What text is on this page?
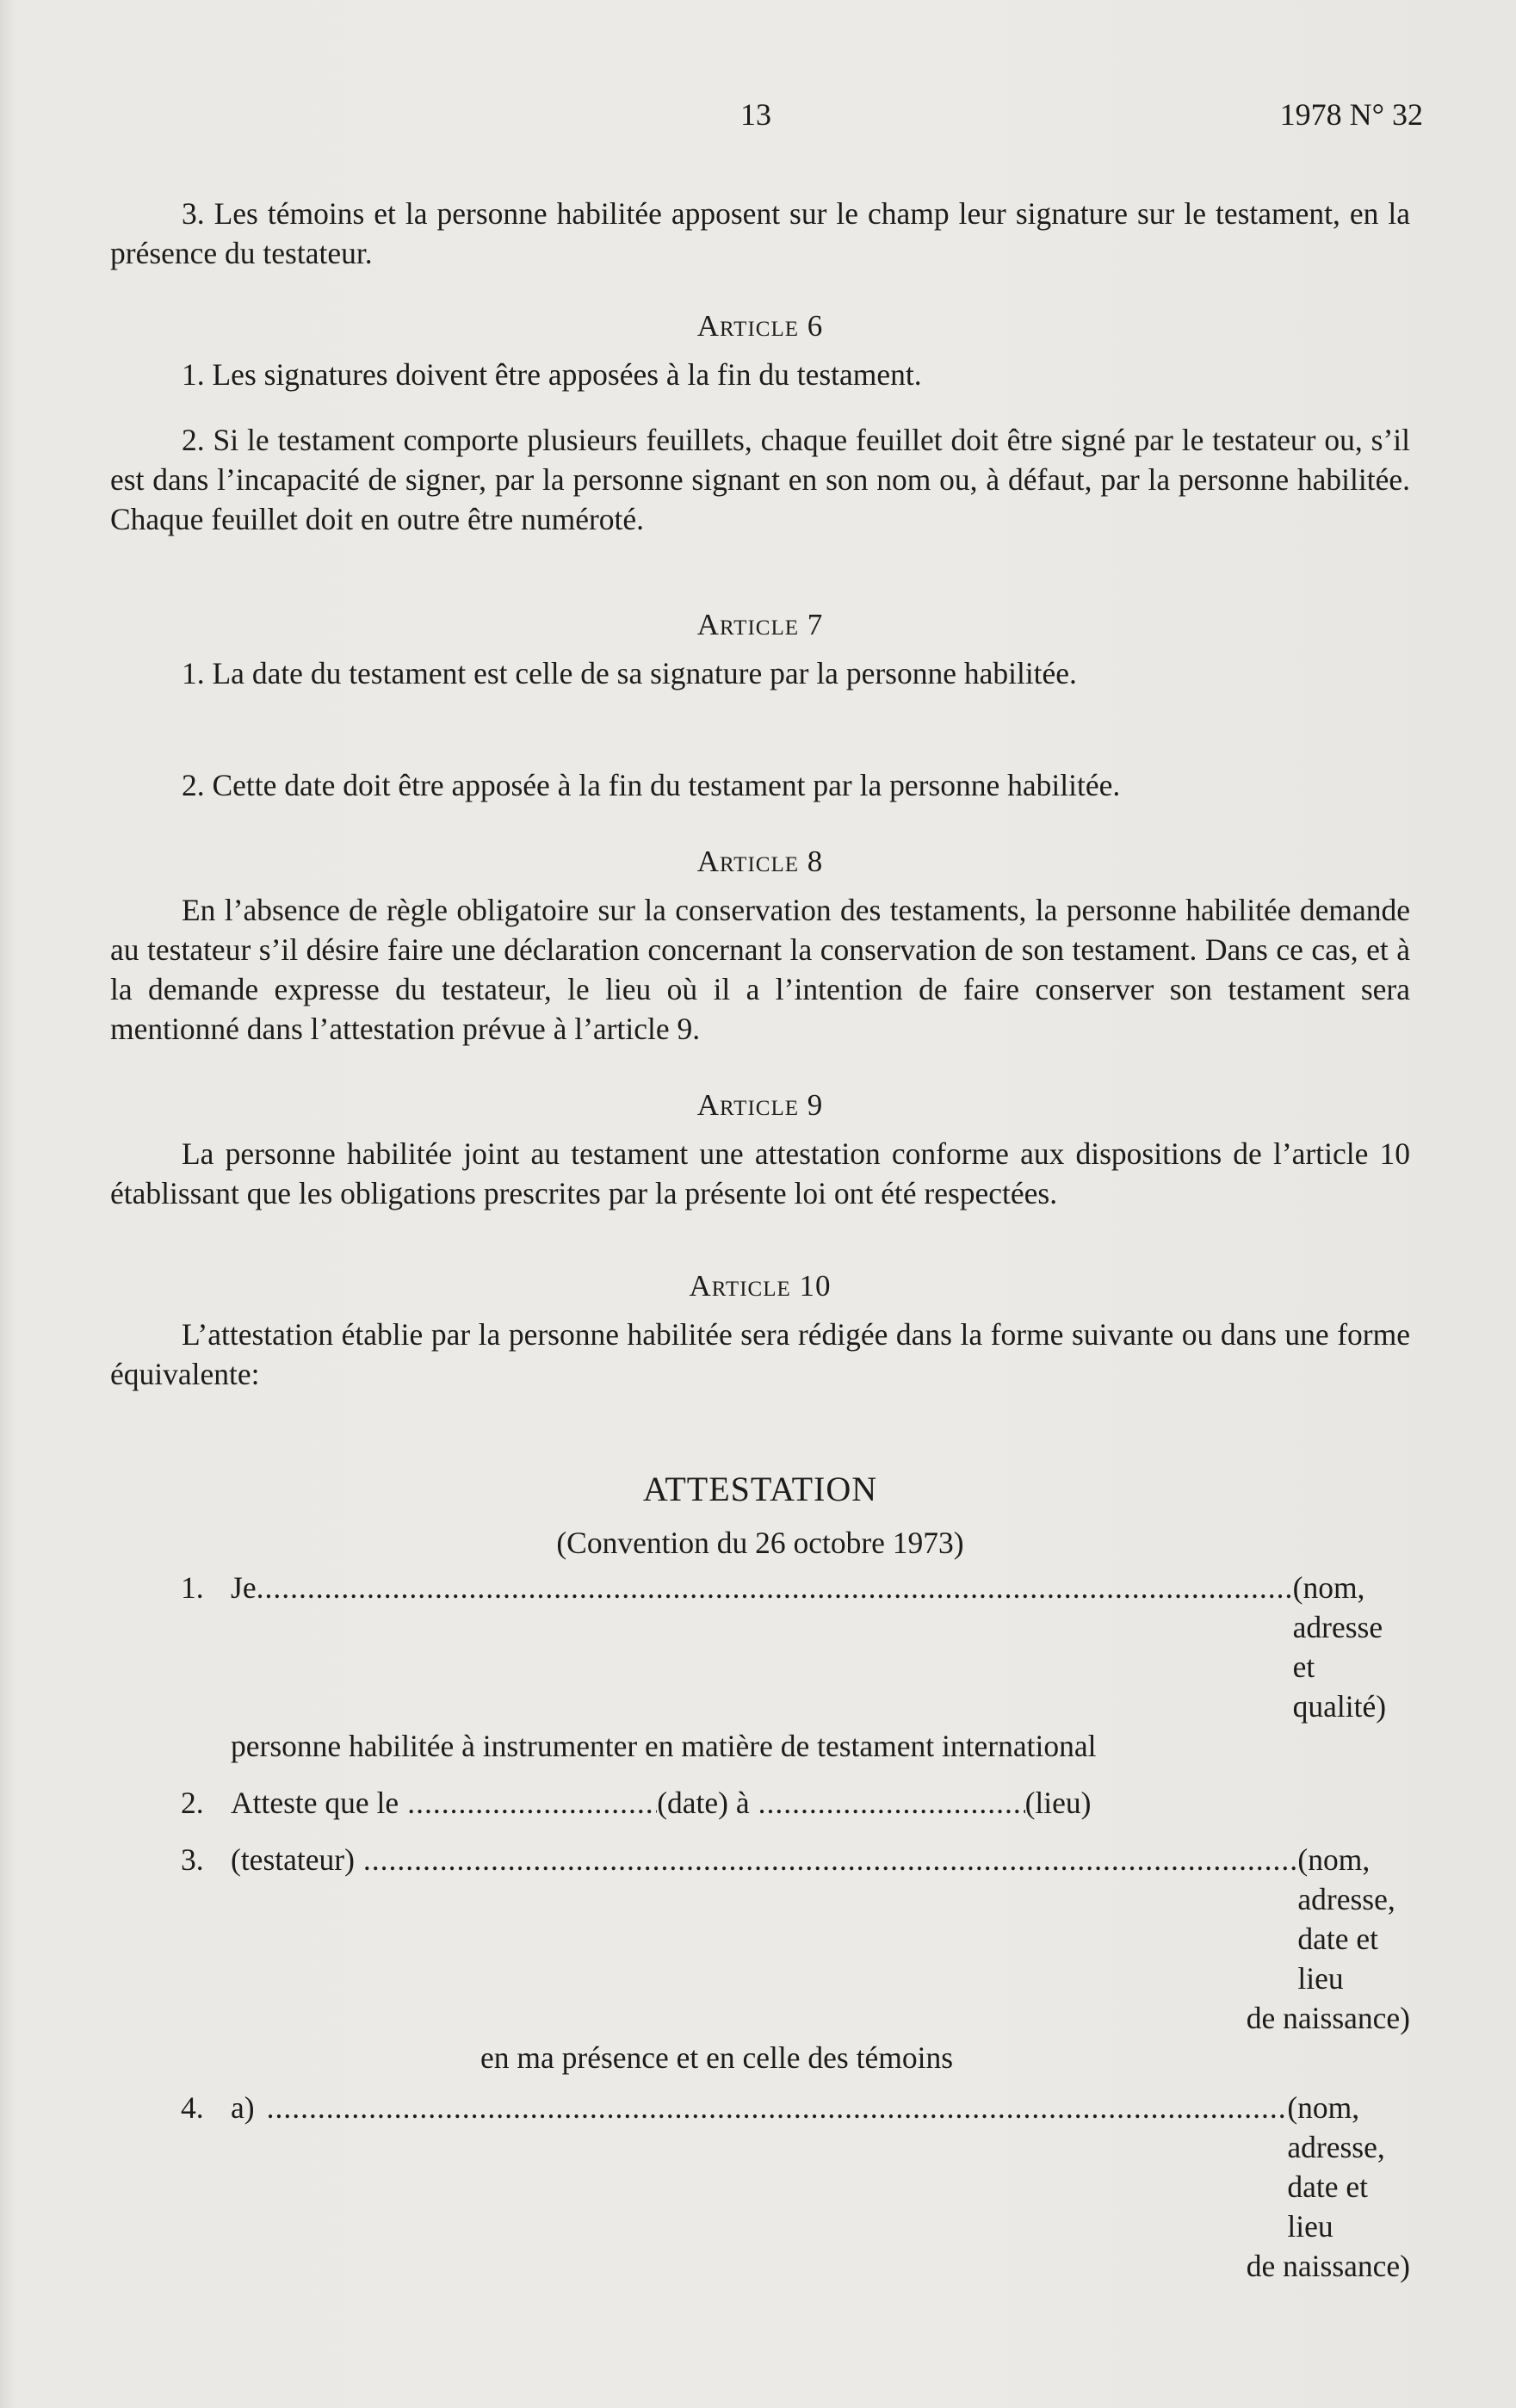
13	1978 N° 32

3. Les témoins et la personne habilitée apposent sur le champ leur signature sur le testament, en la présence du testateur.

Article 6

1. Les signatures doivent être apposées à la fin du testament.

2. Si le testament comporte plusieurs feuillets, chaque feuillet doit être signé par le testateur ou, s’il est dans l’incapacité de signer, par la personne signant en son nom ou, à défaut, par la personne habilitée. Chaque feuillet doit en outre être numéroté.

Article 7

1. La date du testament est celle de sa signature par la personne habilitée.

2. Cette date doit être apposée à la fin du testament par la personne habilitée.

Article 8

En l’absence de règle obligatoire sur la conservation des testaments, la personne habilitée demande au testateur s’il désire faire une déclaration concernant la conservation de son testament. Dans ce cas, et à la demande expresse du testateur, le lieu où il a l’intention de faire conserver son testament sera mentionné dans l’attestation prévue à l’article 9.

Article 9

La personne habilitée joint au testament une attestation conforme aux dispositions de l’article 10 établissant que les obligations prescrites par la présente loi ont été respectées.

Article 10

L’attestation établie par la personne habilitée sera rédigée dans la forme suivante ou dans une forme équivalente:

ATTESTATION
(Convention du 26 octobre 1973)
1. Je .....	(nom, adresse et qualité)
personne habilitée à instrumenter en matière de testament international
2. Atteste que le .....	(date) à .....	(lieu)
3. (testateur) .....	(nom, adresse, date et lieu
de naissance)
en ma présence et en celle des témoins
4. a) .....	(nom, adresse, date et lieu
de naissance)
